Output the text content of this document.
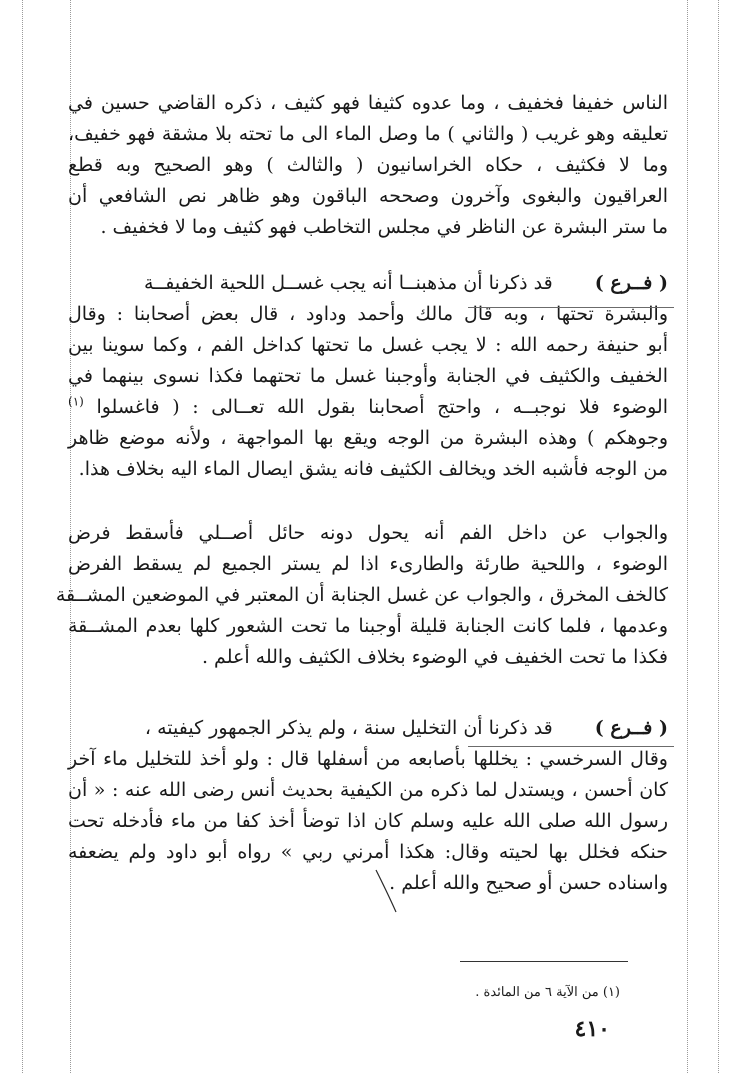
الناس خفيفا فخفيف ، وما عدوه كثيفا فهو كثيف ، ذكره القاضي حسين في
تعليقه وهو غريب ( والثاني ) ما وصل الماء الى ما تحته بلا مشقة فهو خفيف،
وما لا فكثيف ، حكاه الخراسانيون ( والثالث ) وهو الصحيح وبه قطع
العراقيون والبغوى وآخرون وصححه الباقون وهو ظاهر نص الشافعي أن
ما ستر البشرة عن الناظر في مجلس التخاطب فهو كثيف وما لا فخفيف .
( فــرع )قد ذكرنا أن مذهبنــا أنه يجب غســل اللحية الخفيفــة
والبشرة تحتها ، وبه قال مالك وأحمد وداود ، قال بعض أصحابنا : وقال
أبو حنيفة رحمه الله : لا يجب غسل ما تحتها كداخل الفم ، وكما سوينا بين
الخفيف والكثيف في الجنابة وأوجبنا غسل ما تحتهما فكذا نسوى بينهما في
الوضوء فلا نوجبــه ، واحتج أصحابنا بقول الله تعــالى : ( فاغسلوا $^{(١)}$
وجوهكم ) وهذه البشرة من الوجه ويقع بها المواجهة ، ولأنه موضع ظاهر
من الوجه فأشبه الخد ويخالف الكثيف فانه يشق ايصال الماء اليه بخلاف هذا.
والجواب عن داخل الفم أنه يحول دونه حائل أصــلي فأسقط فرض
الوضوء ، واللحية طارئة والطارىء اذا لم يستر الجميع لم يسقط الفرض
كالخف المخرق ، والجواب عن غسل الجنابة أن المعتبر في الموضعين المشــقة
وعدمها ، فلما كانت الجنابة قليلة أوجبنا ما تحت الشعور كلها بعدم المشــقة
فكذا ما تحت الخفيف في الوضوء بخلاف الكثيف والله أعلم .
( فــرع )قد ذكرنا أن التخليل سنة ، ولم يذكر الجمهور كيفيته ،
وقال السرخسي : يخللها بأصابعه من أسفلها قال : ولو أخذ للتخليل ماء آخر
كان أحسن ، ويستدل لما ذكره من الكيفية بحديث أنس رضى الله عنه : « أن
رسول الله صلى الله عليه وسلم كان اذا توضأ أخذ كفا من ماء فأدخله تحت
حنكه فخلل بها لحيته وقال: هكذا أمرني ربي » رواه أبو داود ولم يضعفه
واسناده حسن أو صحيح والله أعلم .
(١) من الآية ٦ من المائدة .
٤١٠
